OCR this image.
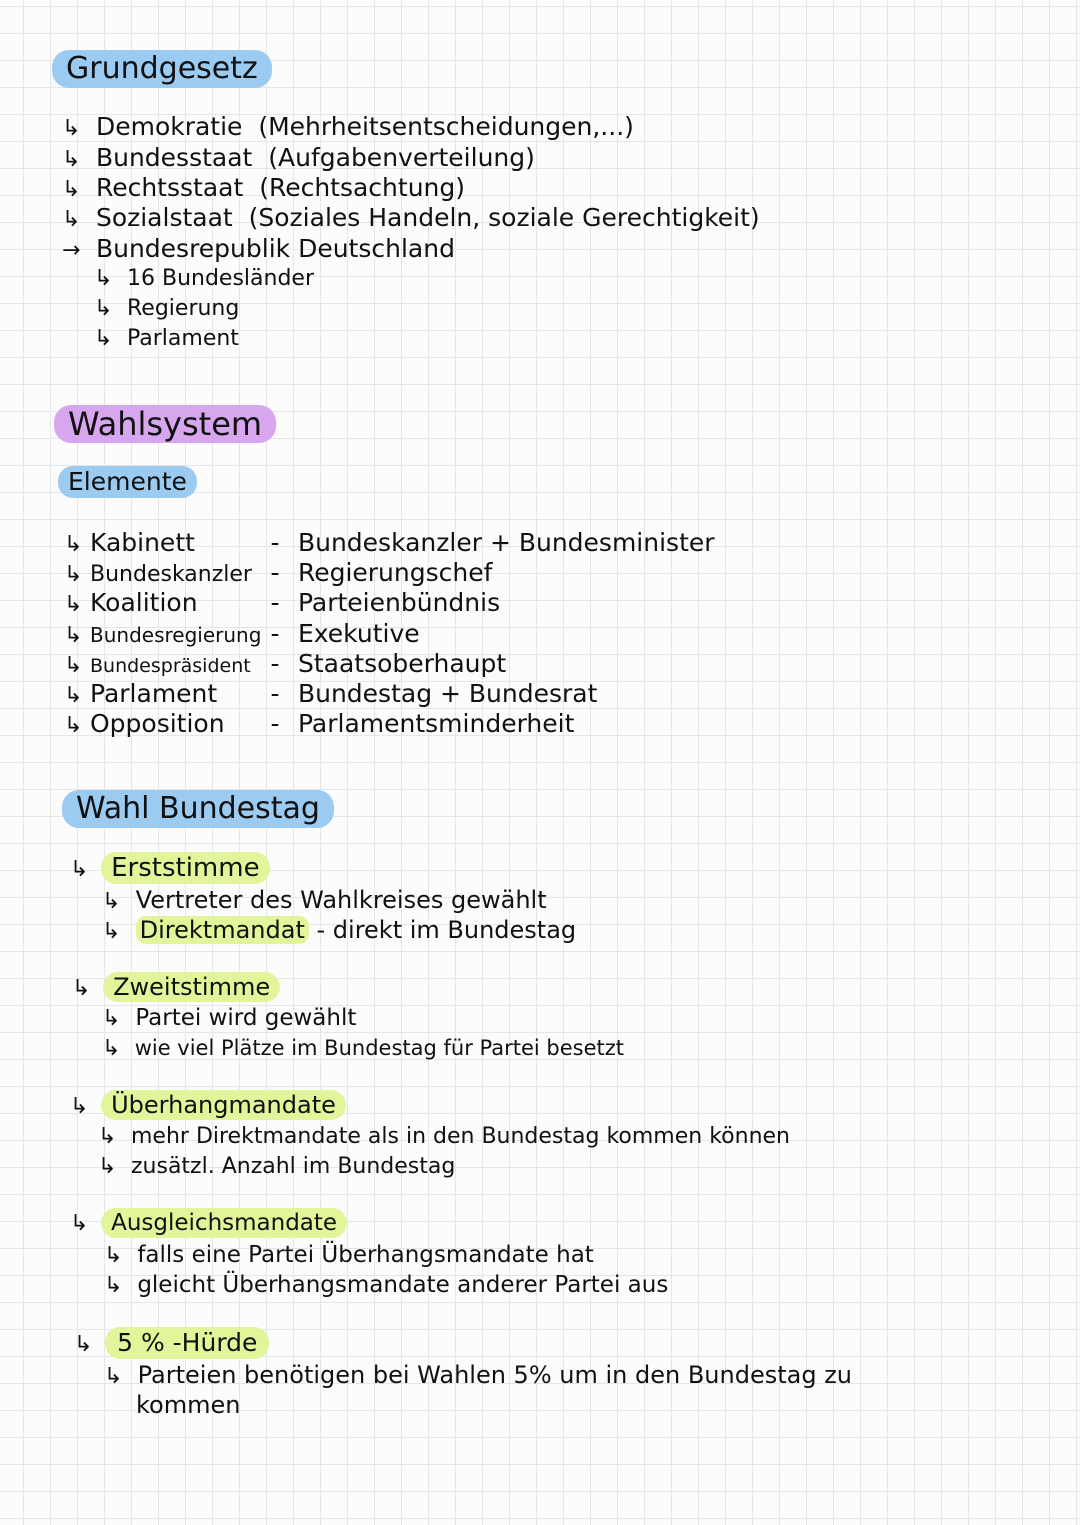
Grundgesetz
↳ Demokratie (Mehrheitsentscheidungen,...)
↳ Bundesstaat (Aufgabenverteilung)
↳ Rechtsstaat (Rechtsachtung)
↳ Sozialstaat (Soziales Handeln, soziale Gerechtigkeit)
→ Bundesrepublik Deutschland
↳ 16 Bundesländer
↳ Regierung
↳ Parlament
Wahlsystem
Elemente
↳ Kabinett	- Bundeskanzler + Bundesminister
↳ Bundeskanzler - Regierungschef
↳ Koalition	- Parteienbündnis
↳ Bundesregierung - Exekutive
↳ Bundespräsident - Staatsoberhaupt
↳ Parlament - Bundestag + Bundesrat
↳ Opposition - Parlamentsminderheit
Wahl Bundestag
↳ Erststimme
↳ Vertreter des Wahlkreises gewählt
↳ Direktmandat - direkt im Bundestag
↳ Zweitstimme
↳ Partei wird gewählt
↳ wie viel Plätze im Bundestag für Partei besetzt
↳ Überhangmandate
↳ mehr Direktmandate als in den Bundestag kommen können
↳ zusätzl. Anzahl im Bundestag
↳ Ausgleichsmandate
↳ falls eine Partei Überhangsmandate hat
↳ gleicht Überhangsmandate anderer Partei aus
↳ 5 % -Hürde
↳ Parteien benötigen bei Wahlen 5% um in den Bundestag zu
kommen
